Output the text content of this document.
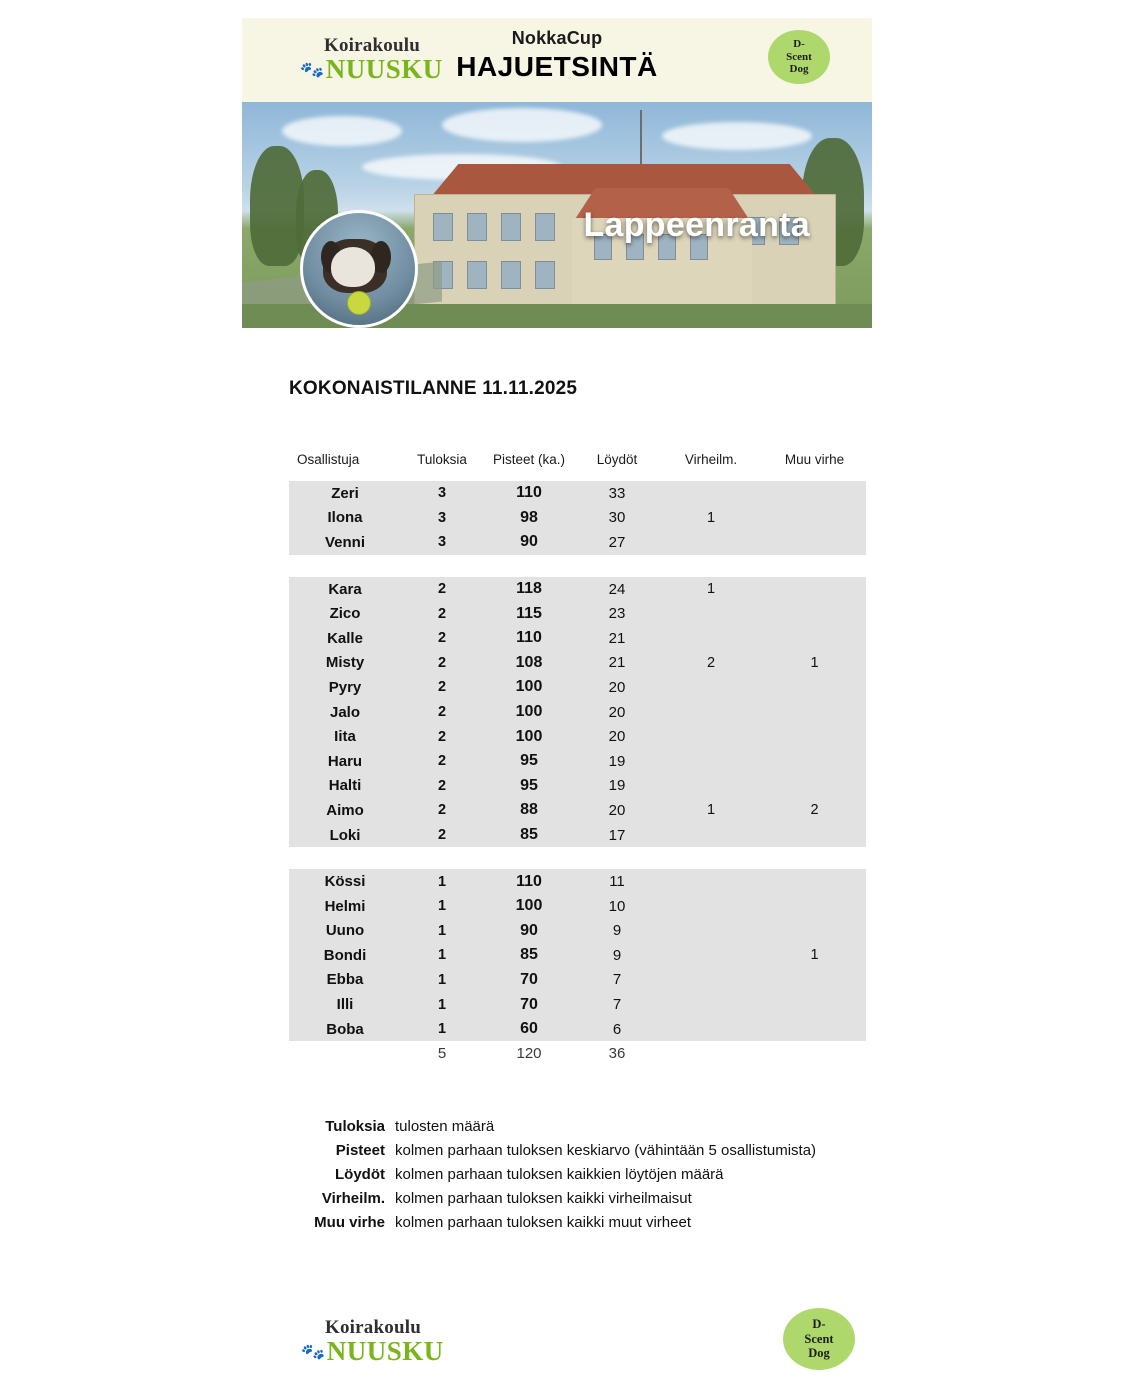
Koirakoulu
🐾 NUUSKU
NokkaCup
HAJUETSINTÄ
D-
Scent
Dog
Lappeenranta
KOKONAISTILANNE 11.11.2025
Osallistuja	Tuloksia	Pisteet (ka.)	Löydöt	Virheilm.	Muu virhe
Zeri	3	110	33		
Ilona	3	98	30	1	
Venni	3	90	27		

Kara	2	118	24	1	
Zico	2	115	23		
Kalle	2	110	21		
Misty	2	108	21	2	1
Pyry	2	100	20		
Jalo	2	100	20		
Iita	2	100	20		
Haru	2	95	19		
Halti	2	95	19		
Aimo	2	88	20	1	2
Loki	2	85	17		

Kössi	1	110	11		
Helmi	1	100	10		
Uuno	1	90	9		
Bondi	1	85	9		1
Ebba	1	70	7		
Illi	1	70	7		
Boba	1	60	6		
	5	120	36		
Tuloksia tulosten määrä
Pisteet kolmen parhaan tuloksen keskiarvo (vähintään 5 osallistumista)
Löydöt kolmen parhaan tuloksen kaikkien löytöjen määrä
Virheilm. kolmen parhaan tuloksen kaikki virheilmaisut
Muu virhe kolmen parhaan tuloksen kaikki muut virheet
Koirakoulu
🐾 NUUSKU
D-
Scent
Dog
